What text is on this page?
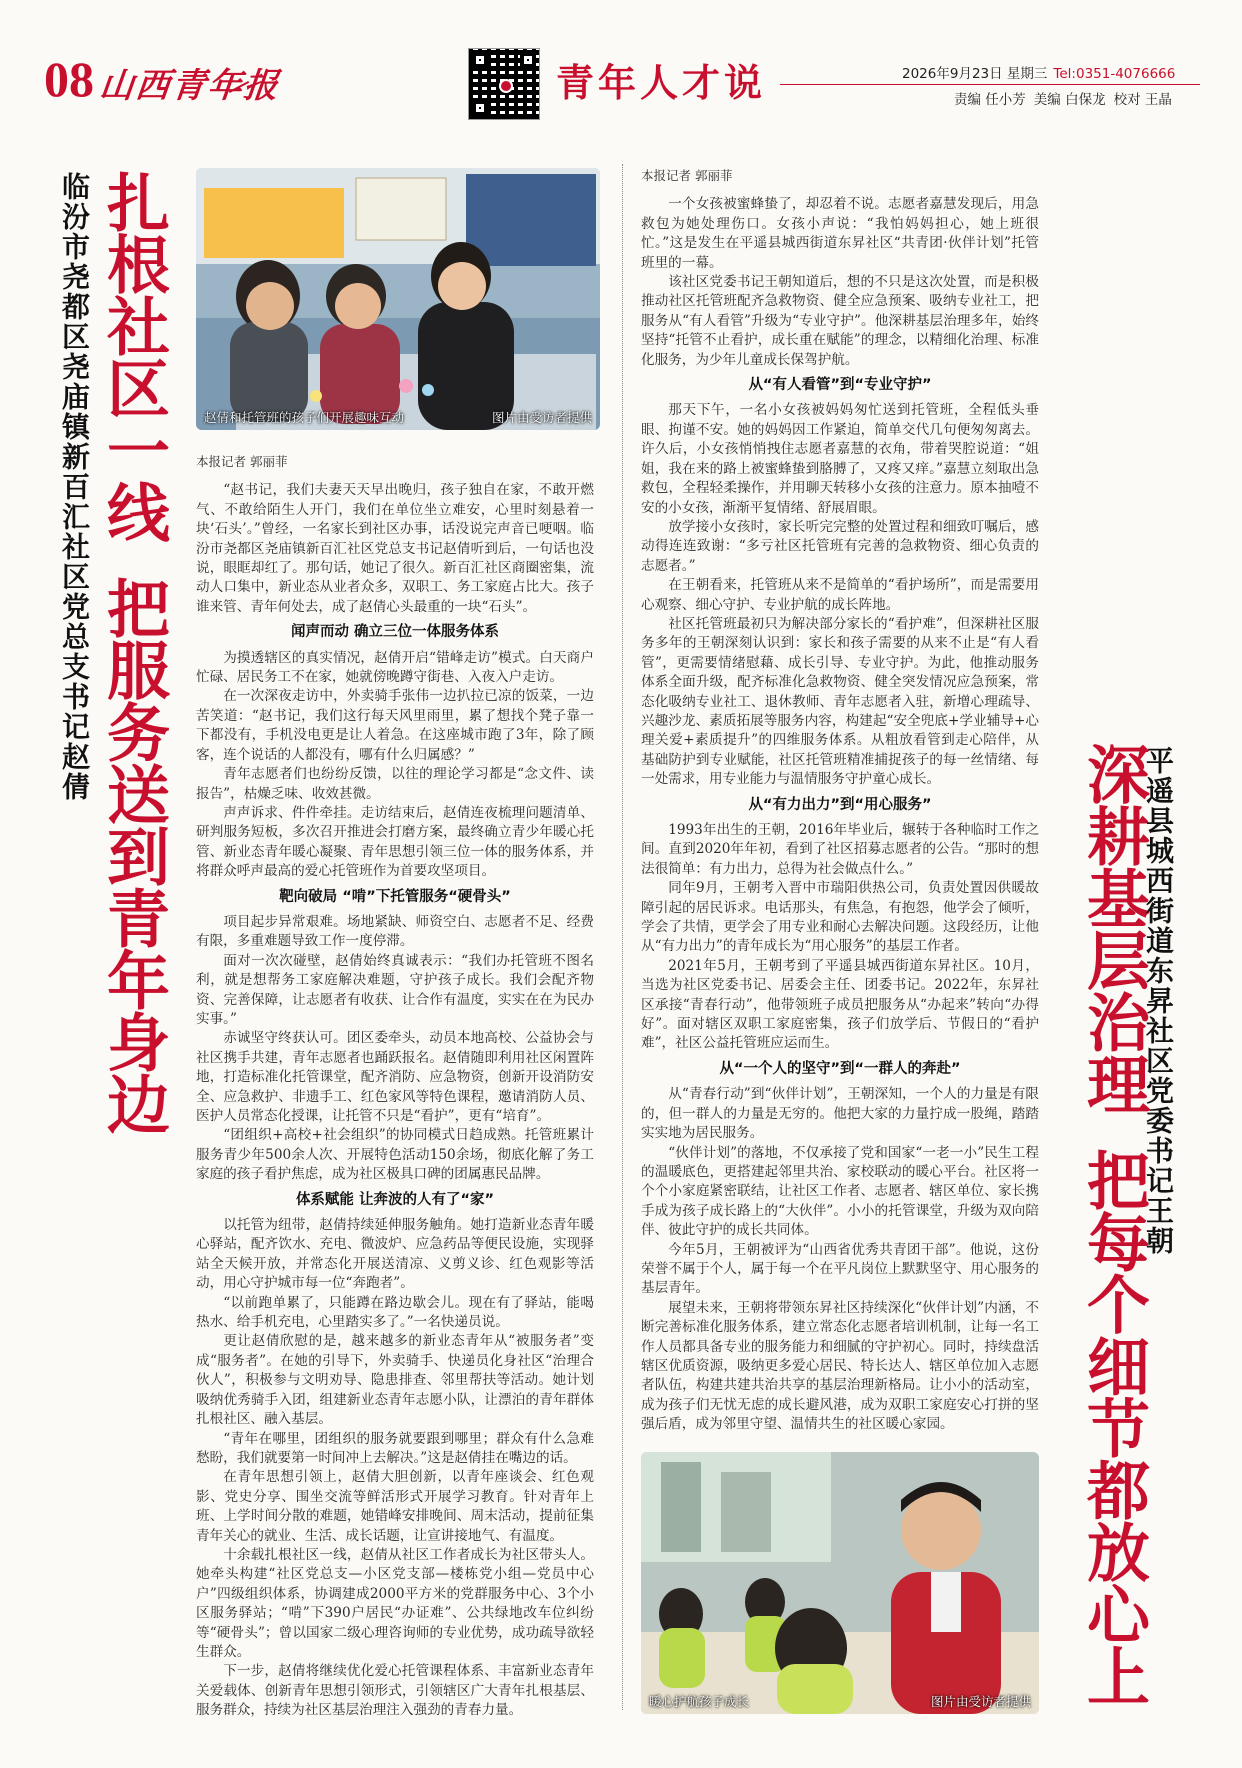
08 山西青年报	青年人才说	2026年9月23日 星期三 Tel:0351-4076666
责编 任小芳 美编 白保龙 校对 王晶
临汾市尧都区尧庙镇新百汇社区党总支书记赵倩 扎根社区一线把服务送到青年身边
赵倩和托管班的孩子们开展趣味互动	图片由受访者提供

本报记者 郭丽菲

“赵书记，我们夫妻天天早出晚归，孩子独自在家，不敢开燃气、不敢给陌生人开门，我们在单位坐立难安，心里时刻悬着一块‘石头’。”曾经，一名家长到社区办事，话没说完声音已哽咽。临汾市尧都区尧庙镇新百汇社区党总支书记赵倩听到后，一句话也没说，眼眶却红了。那句话，她记了很久。新百汇社区商圈密集，流动人口集中，新业态从业者众多，双职工、务工家庭占比大。孩子谁来管、青年何处去，成了赵倩心头最重的一块“石头”。

闻声而动 确立三位一体服务体系

为摸透辖区的真实情况，赵倩开启“错峰走访”模式。白天商户忙碌、居民务工不在家，她就傍晚蹲守街巷、入夜入户走访。

在一次深夜走访中，外卖骑手张伟一边扒拉已凉的饭菜，一边苦笑道：“赵书记，我们这行每天风里雨里，累了想找个凳子靠一下都没有，手机没电更是让人着急。在这座城市跑了3年，除了顾客，连个说话的人都没有，哪有什么归属感？”

青年志愿者们也纷纷反馈，以往的理论学习都是“念文件、读报告”，枯燥乏味、收效甚微。

声声诉求、件件牵挂。走访结束后，赵倩连夜梳理问题清单、研判服务短板，多次召开推进会打磨方案，最终确立青少年暖心托管、新业态青年暖心凝聚、青年思想引领三位一体的服务体系，并将群众呼声最高的爱心托管班作为首要攻坚项目。

靶向破局 “啃”下托管服务“硬骨头”

项目起步异常艰难。场地紧缺、师资空白、志愿者不足、经费有限，多重难题导致工作一度停滞。

面对一次次碰壁，赵倩始终真诚表示：“我们办托管班不图名利，就是想帮务工家庭解决难题，守护孩子成长。我们会配齐物资、完善保障，让志愿者有收获、让合作有温度，实实在在为民办实事。”

赤诚坚守终获认可。团区委牵头，动员本地高校、公益协会与社区携手共建，青年志愿者也踊跃报名。赵倩随即利用社区闲置阵地，打造标准化托管课堂，配齐消防、应急物资，创新开设消防安全、应急救护、非遗手工、红色家风等特色课程，邀请消防人员、医护人员常态化授课，让托管不只是“看护”，更有“培育”。

“团组织+高校+社会组织”的协同模式日趋成熟。托管班累计服务青少年500余人次、开展特色活动150余场，彻底化解了务工家庭的孩子看护焦虑，成为社区极具口碑的团属惠民品牌。

体系赋能 让奔波的人有了“家”

以托管为纽带，赵倩持续延伸服务触角。她打造新业态青年暖心驿站，配齐饮水、充电、微波炉、应急药品等便民设施，实现驿站全天候开放，并常态化开展送清凉、义剪义诊、红色观影等活动，用心守护城市每一位“奔跑者”。

“以前跑单累了，只能蹲在路边歇会儿。现在有了驿站，能喝热水、给手机充电，心里踏实多了。”一名快递员说。

更让赵倩欣慰的是，越来越多的新业态青年从“被服务者”变成“服务者”。在她的引导下，外卖骑手、快递员化身社区“治理合伙人”，积极参与文明劝导、隐患排查、邻里帮扶等活动。她计划吸纳优秀骑手入团，组建新业态青年志愿小队，让漂泊的青年群体扎根社区、融入基层。

“青年在哪里，团组织的服务就要跟到哪里；群众有什么急难愁盼，我们就要第一时间冲上去解决。”这是赵倩挂在嘴边的话。

在青年思想引领上，赵倩大胆创新，以青年座谈会、红色观影、党史分享、围坐交流等鲜活形式开展学习教育。针对青年上班、上学时间分散的难题，她错峰安排晚间、周末活动，提前征集青年关心的就业、生活、成长话题，让宣讲接地气、有温度。

十余载扎根社区一线，赵倩从社区工作者成长为社区带头人。她牵头构建“社区党总支—小区党支部—楼栋党小组—党员中心户”四级组织体系，协调建成2000平方米的党群服务中心、3个小区服务驿站；“啃”下390户居民“办证难”、公共绿地改车位纠纷等“硬骨头”；曾以国家二级心理咨询师的专业优势，成功疏导欲轻生群众。

下一步，赵倩将继续优化爱心托管课程体系、丰富新业态青年关爱载体、创新青年思想引领形式，引领辖区广大青年扎根基层、服务群众，持续为社区基层治理注入强劲的青春力量。

本报记者 郭丽菲

一个女孩被蜜蜂蛰了，却忍着不说。志愿者嘉慧发现后，用急救包为她处理伤口。女孩小声说：“我怕妈妈担心，她上班很忙。”这是发生在平遥县城西街道东昇社区“共青团·伙伴计划”托管班里的一幕。

该社区党委书记王朝知道后，想的不只是这次处置，而是积极推动社区托管班配齐急救物资、健全应急预案、吸纳专业社工，把服务从“有人看管”升级为“专业守护”。他深耕基层治理多年，始终坚持“托管不止看护，成长重在赋能”的理念，以精细化治理、标准化服务，为少年儿童成长保驾护航。

从“有人看管”到“专业守护”

那天下午，一名小女孩被妈妈匆忙送到托管班，全程低头垂眼、拘谨不安。她的妈妈因工作紧迫，简单交代几句便匆匆离去。许久后，小女孩悄悄拽住志愿者嘉慧的衣角，带着哭腔说道：“姐姐，我在来的路上被蜜蜂蛰到胳膊了，又疼又痒。”嘉慧立刻取出急救包，全程轻柔操作，并用聊天转移小女孩的注意力。原本抽噎不安的小女孩，渐渐平复情绪、舒展眉眼。

放学接小女孩时，家长听完完整的处置过程和细致叮嘱后，感动得连连致谢：“多亏社区托管班有完善的急救物资、细心负责的志愿者。”

在王朝看来，托管班从来不是简单的“看护场所”，而是需要用心观察、细心守护、专业护航的成长阵地。

社区托管班最初只为解决部分家长的“看护难”，但深耕社区服务多年的王朝深刻认识到：家长和孩子需要的从来不止是“有人看管”，更需要情绪慰藉、成长引导、专业守护。为此，他推动服务体系全面升级，配齐标准化急救物资、健全突发情况应急预案，常态化吸纳专业社工、退休教师、青年志愿者入驻，新增心理疏导、兴趣沙龙、素质拓展等服务内容，构建起“安全兜底+学业辅导+心理关爱+素质提升”的四维服务体系。从粗放看管到走心陪伴，从基础防护到专业赋能，社区托管班精准捕捉孩子的每一丝情绪、每一处需求，用专业能力与温情服务守护童心成长。

从“有力出力”到“用心服务”

1993年出生的王朝，2016年毕业后，辗转于各种临时工作之间。直到2020年年初，看到了社区招募志愿者的公告。“那时的想法很简单：有力出力，总得为社会做点什么。”

同年9月，王朝考入晋中市瑞阳供热公司，负责处置因供暖故障引起的居民诉求。电话那头，有焦急，有抱怨，他学会了倾听，学会了共情，更学会了用专业和耐心去解决问题。这段经历，让他从“有力出力”的青年成长为“用心服务”的基层工作者。

2021年5月，王朝考到了平遥县城西街道东昇社区。10月，当选为社区党委书记、居委会主任、团委书记。2022年，东昇社区承接“青春行动”，他带领班子成员把服务从“办起来”转向“办得好”。面对辖区双职工家庭密集，孩子们放学后、节假日的“看护难”，社区公益托管班应运而生。

从“一个人的坚守”到“一群人的奔赴”

从“青春行动”到“伙伴计划”，王朝深知，一个人的力量是有限的，但一群人的力量是无穷的。他把大家的力量拧成一股绳，踏踏实实地为居民服务。

“伙伴计划”的落地，不仅承接了党和国家“一老一小”民生工程的温暖底色，更搭建起邻里共治、家校联动的暖心平台。社区将一个个小家庭紧密联结，让社区工作者、志愿者、辖区单位、家长携手成为孩子成长路上的“大伙伴”。小小的托管课堂，升级为双向陪伴、彼此守护的成长共同体。

今年5月，王朝被评为“山西省优秀共青团干部”。他说，这份荣誉不属于个人，属于每一个在平凡岗位上默默坚守、用心服务的基层青年。

展望未来，王朝将带领东昇社区持续深化“伙伴计划”内涵，不断完善标准化服务体系，建立常态化志愿者培训机制，让每一名工作人员都具备专业的服务能力和细腻的守护初心。同时，持续盘活辖区优质资源，吸纳更多爱心居民、特长达人、辖区单位加入志愿者队伍，构建共建共治共享的基层治理新格局。让小小的活动室，成为孩子们无忧无虑的成长避风港，成为双职工家庭安心打拼的坚强后盾，成为邻里守望、温情共生的社区暖心家园。

暖心护航孩子成长	图片由受访者提供
深耕基层治理把每个细节都放心上
平遥县城西街道东昇社区党委书记王朝
